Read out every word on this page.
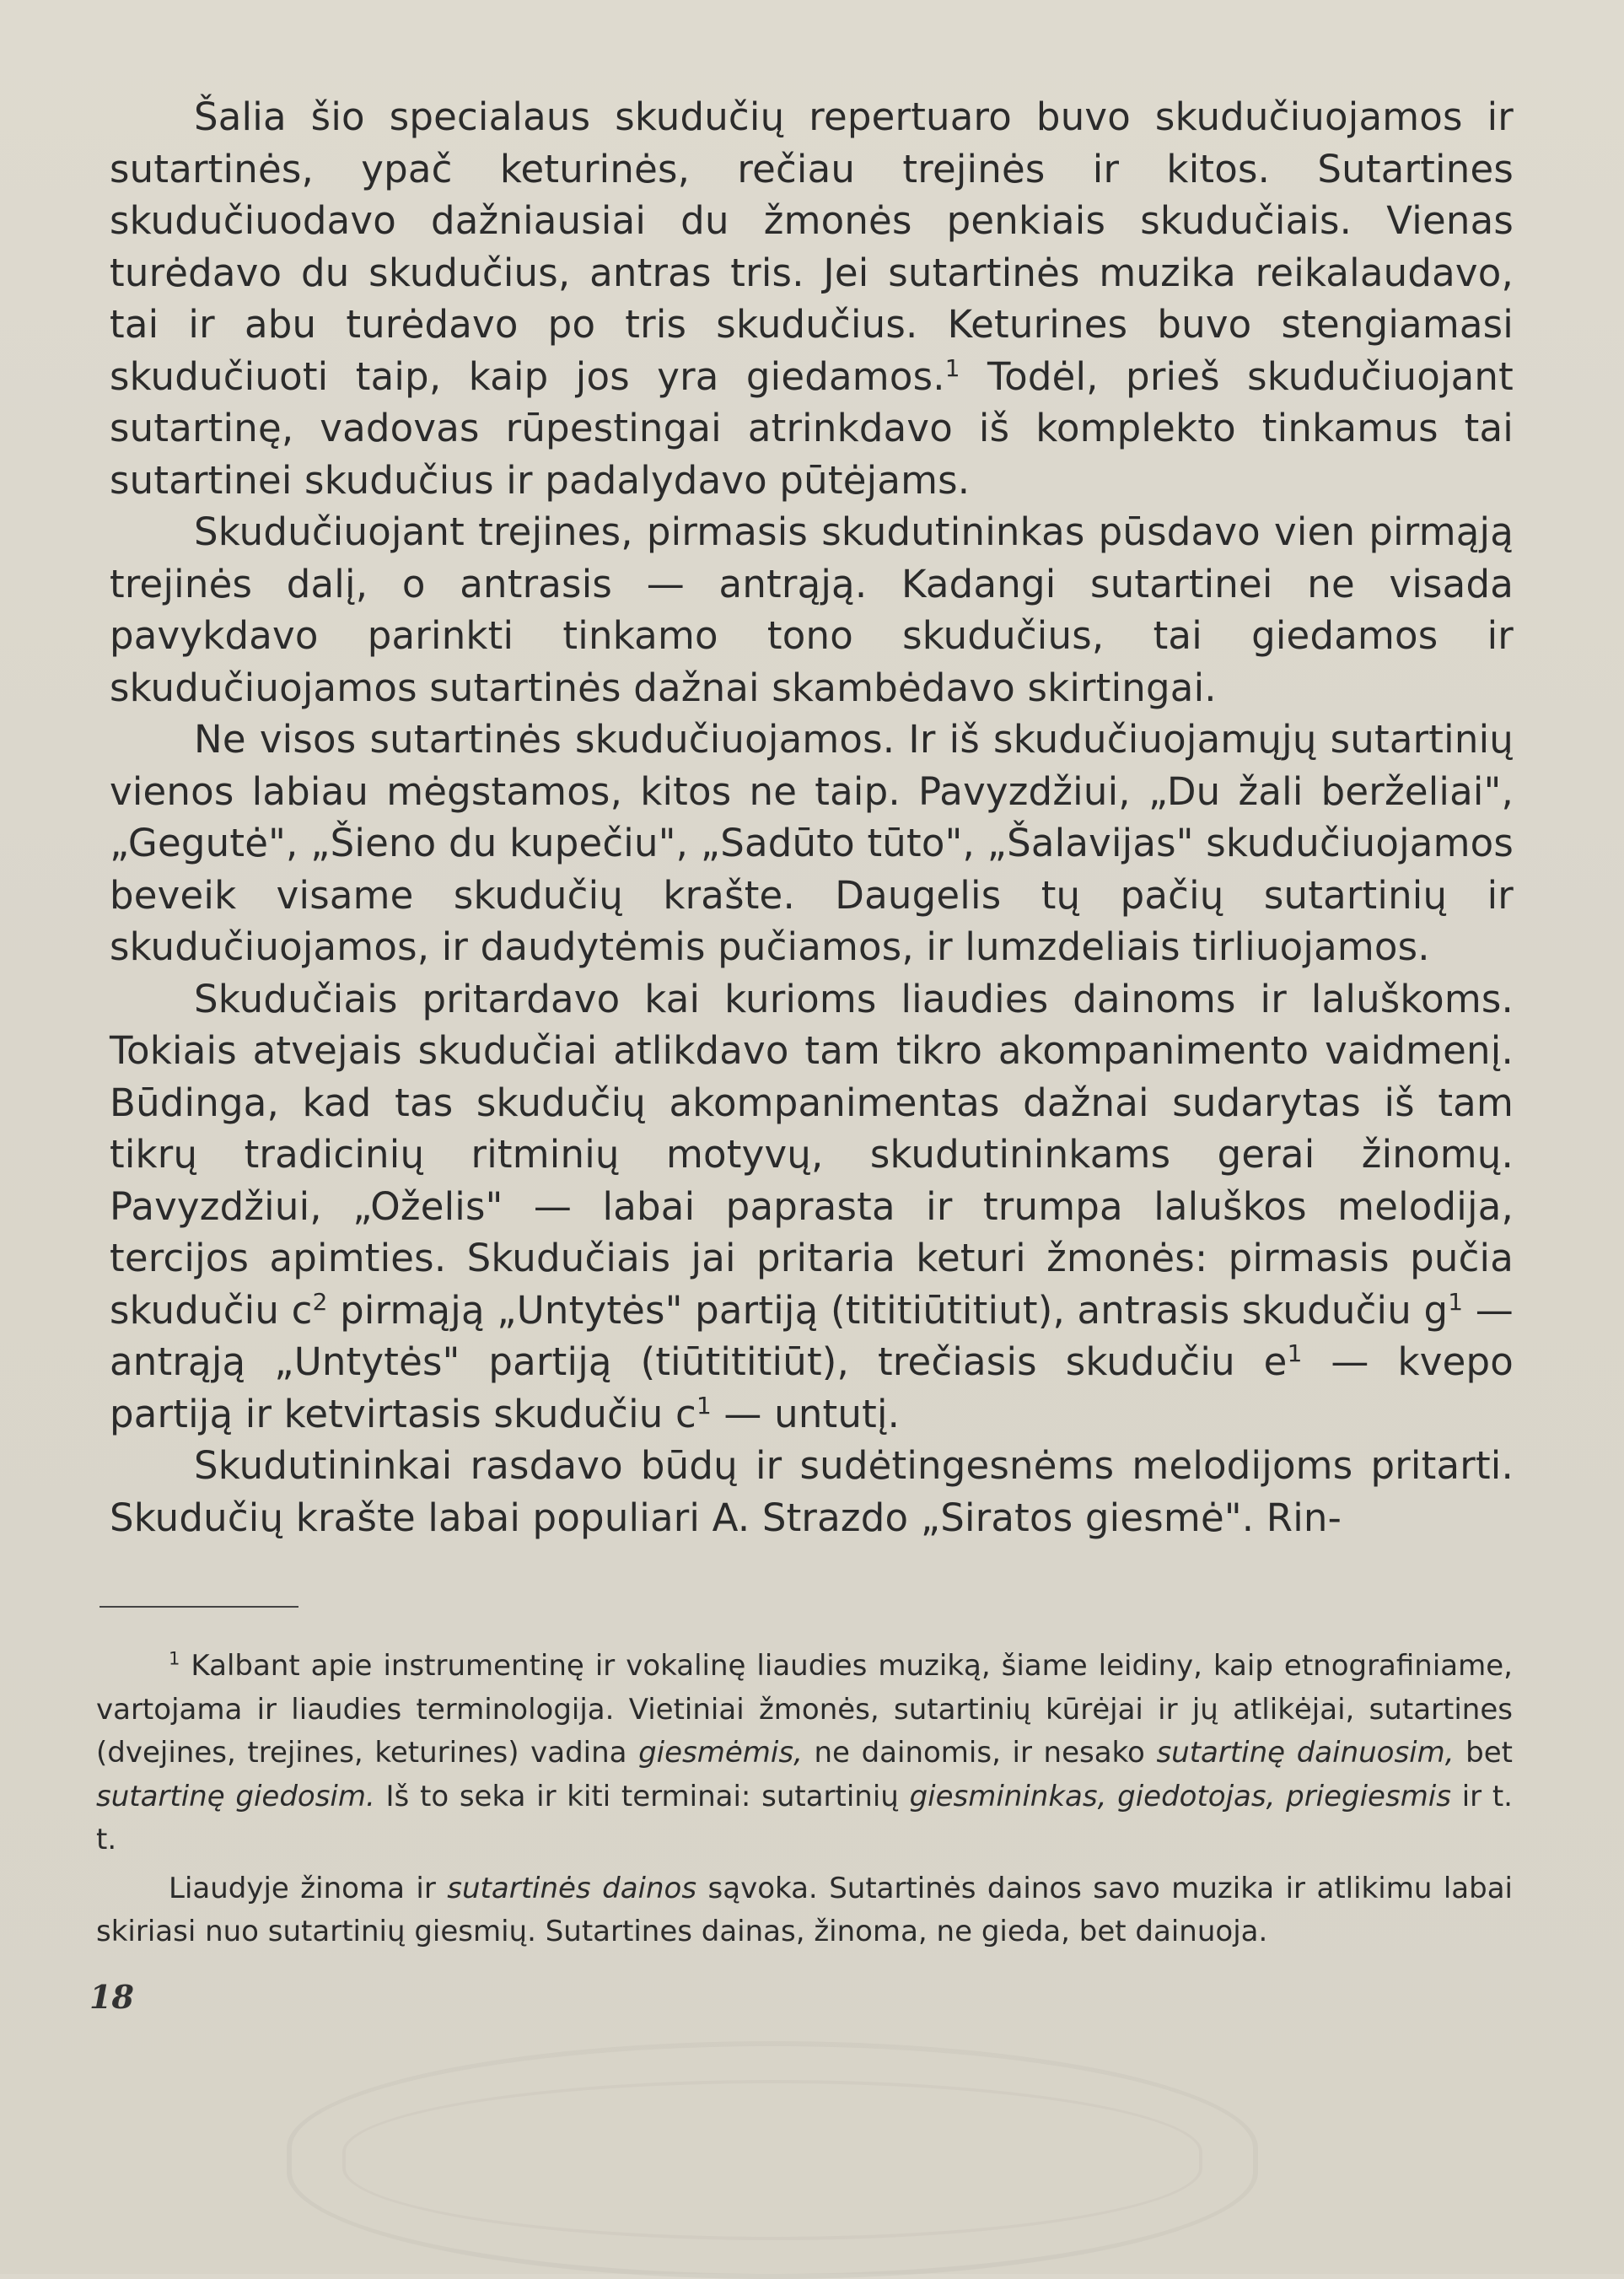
Šalia šio specialaus skudučių repertuaro buvo skudučiuojamos ir sutartinės, ypač keturinės, rečiau trejinės ir kitos. Sutartines skudučiuodavo dažniausiai du žmonės penkiais skudučiais. Vienas turėdavo du skudučius, antras tris. Jei sutartinės muzika reikalaudavo, tai ir abu turėdavo po tris skudučius. Keturines buvo stengiamasi skudučiuoti taip, kaip jos yra giedamos.$^1$ Todėl, prieš skudučiuojant sutartinę, vadovas rūpestingai atrinkdavo iš komplekto tinkamus tai sutartinei skudučius ir padalydavo pūtėjams.

Skudučiuojant trejines, pirmasis skudutininkas pūsdavo vien pirmąją trejinės dalį, o antrasis — antrąją. Kadangi sutartinei ne visada pavykdavo parinkti tinkamo tono skudučius, tai giedamos ir skudučiuojamos sutartinės dažnai skambėdavo skirtingai.

Ne visos sutartinės skudučiuojamos. Ir iš skudučiuojamųjų sutartinių vienos labiau mėgstamos, kitos ne taip. Pavyzdžiui, „Du žali berželiai", „Gegutė", „Šieno du kupečiu", „Sadūto tūto", „Šalavijas" skudučiuojamos beveik visame skudučių krašte. Daugelis tų pačių sutartinių ir skudučiuojamos, ir daudytėmis pučiamos, ir lumzdeliais tirliuojamos.

Skudučiais pritardavo kai kurioms liaudies dainoms ir laluškoms. Tokiais atvejais skudučiai atlikdavo tam tikro akompanimento vaidmenį. Būdinga, kad tas skudučių akompanimentas dažnai sudarytas iš tam tikrų tradicinių ritminių motyvų, skudutininkams gerai žinomų. Pavyzdžiui, „Oželis" — labai paprasta ir trumpa laluškos melodija, tercijos apimties. Skudučiais jai pritaria keturi žmonės: pirmasis pučia skudučiu $c^2$ pirmąją „Untytės" partiją (tititiūtitiut), antrasis skudučiu $g^1$ — antrąją „Untytės" partiją (tiūtititiūt), trečiasis skudučiu $e^1$ — kvepo partiją ir ketvirtasis skudučiu $c^1$ — untutį.

Skudutininkai rasdavo būdų ir sudėtingesnėms melodijoms pritarti. Skudučių krašte labai populiari A. Strazdo „Siratos giesmė". Rin-

$^1$ Kalbant apie instrumentinę ir vokalinę liaudies muziką, šiame leidiny, kaip etnografiniame, vartojama ir liaudies terminologija. Vietiniai žmonės, sutartinių kūrėjai ir jų atlikėjai, sutartines (dvejines, trejines, keturines) vadina giesmėmis, ne dainomis, ir nesako sutartinę dainuosim, bet sutartinę giedosim. Iš to seka ir kiti terminai: sutartinių giesmininkas, giedotojas, priegiesmis ir t. t.

Liaudyje žinoma ir sutartinės dainos sąvoka. Sutartinės dainos savo muzika ir atlikimu labai skiriasi nuo sutartinių giesmių. Sutartines dainas, žinoma, ne gieda, bet dainuoja.

18
